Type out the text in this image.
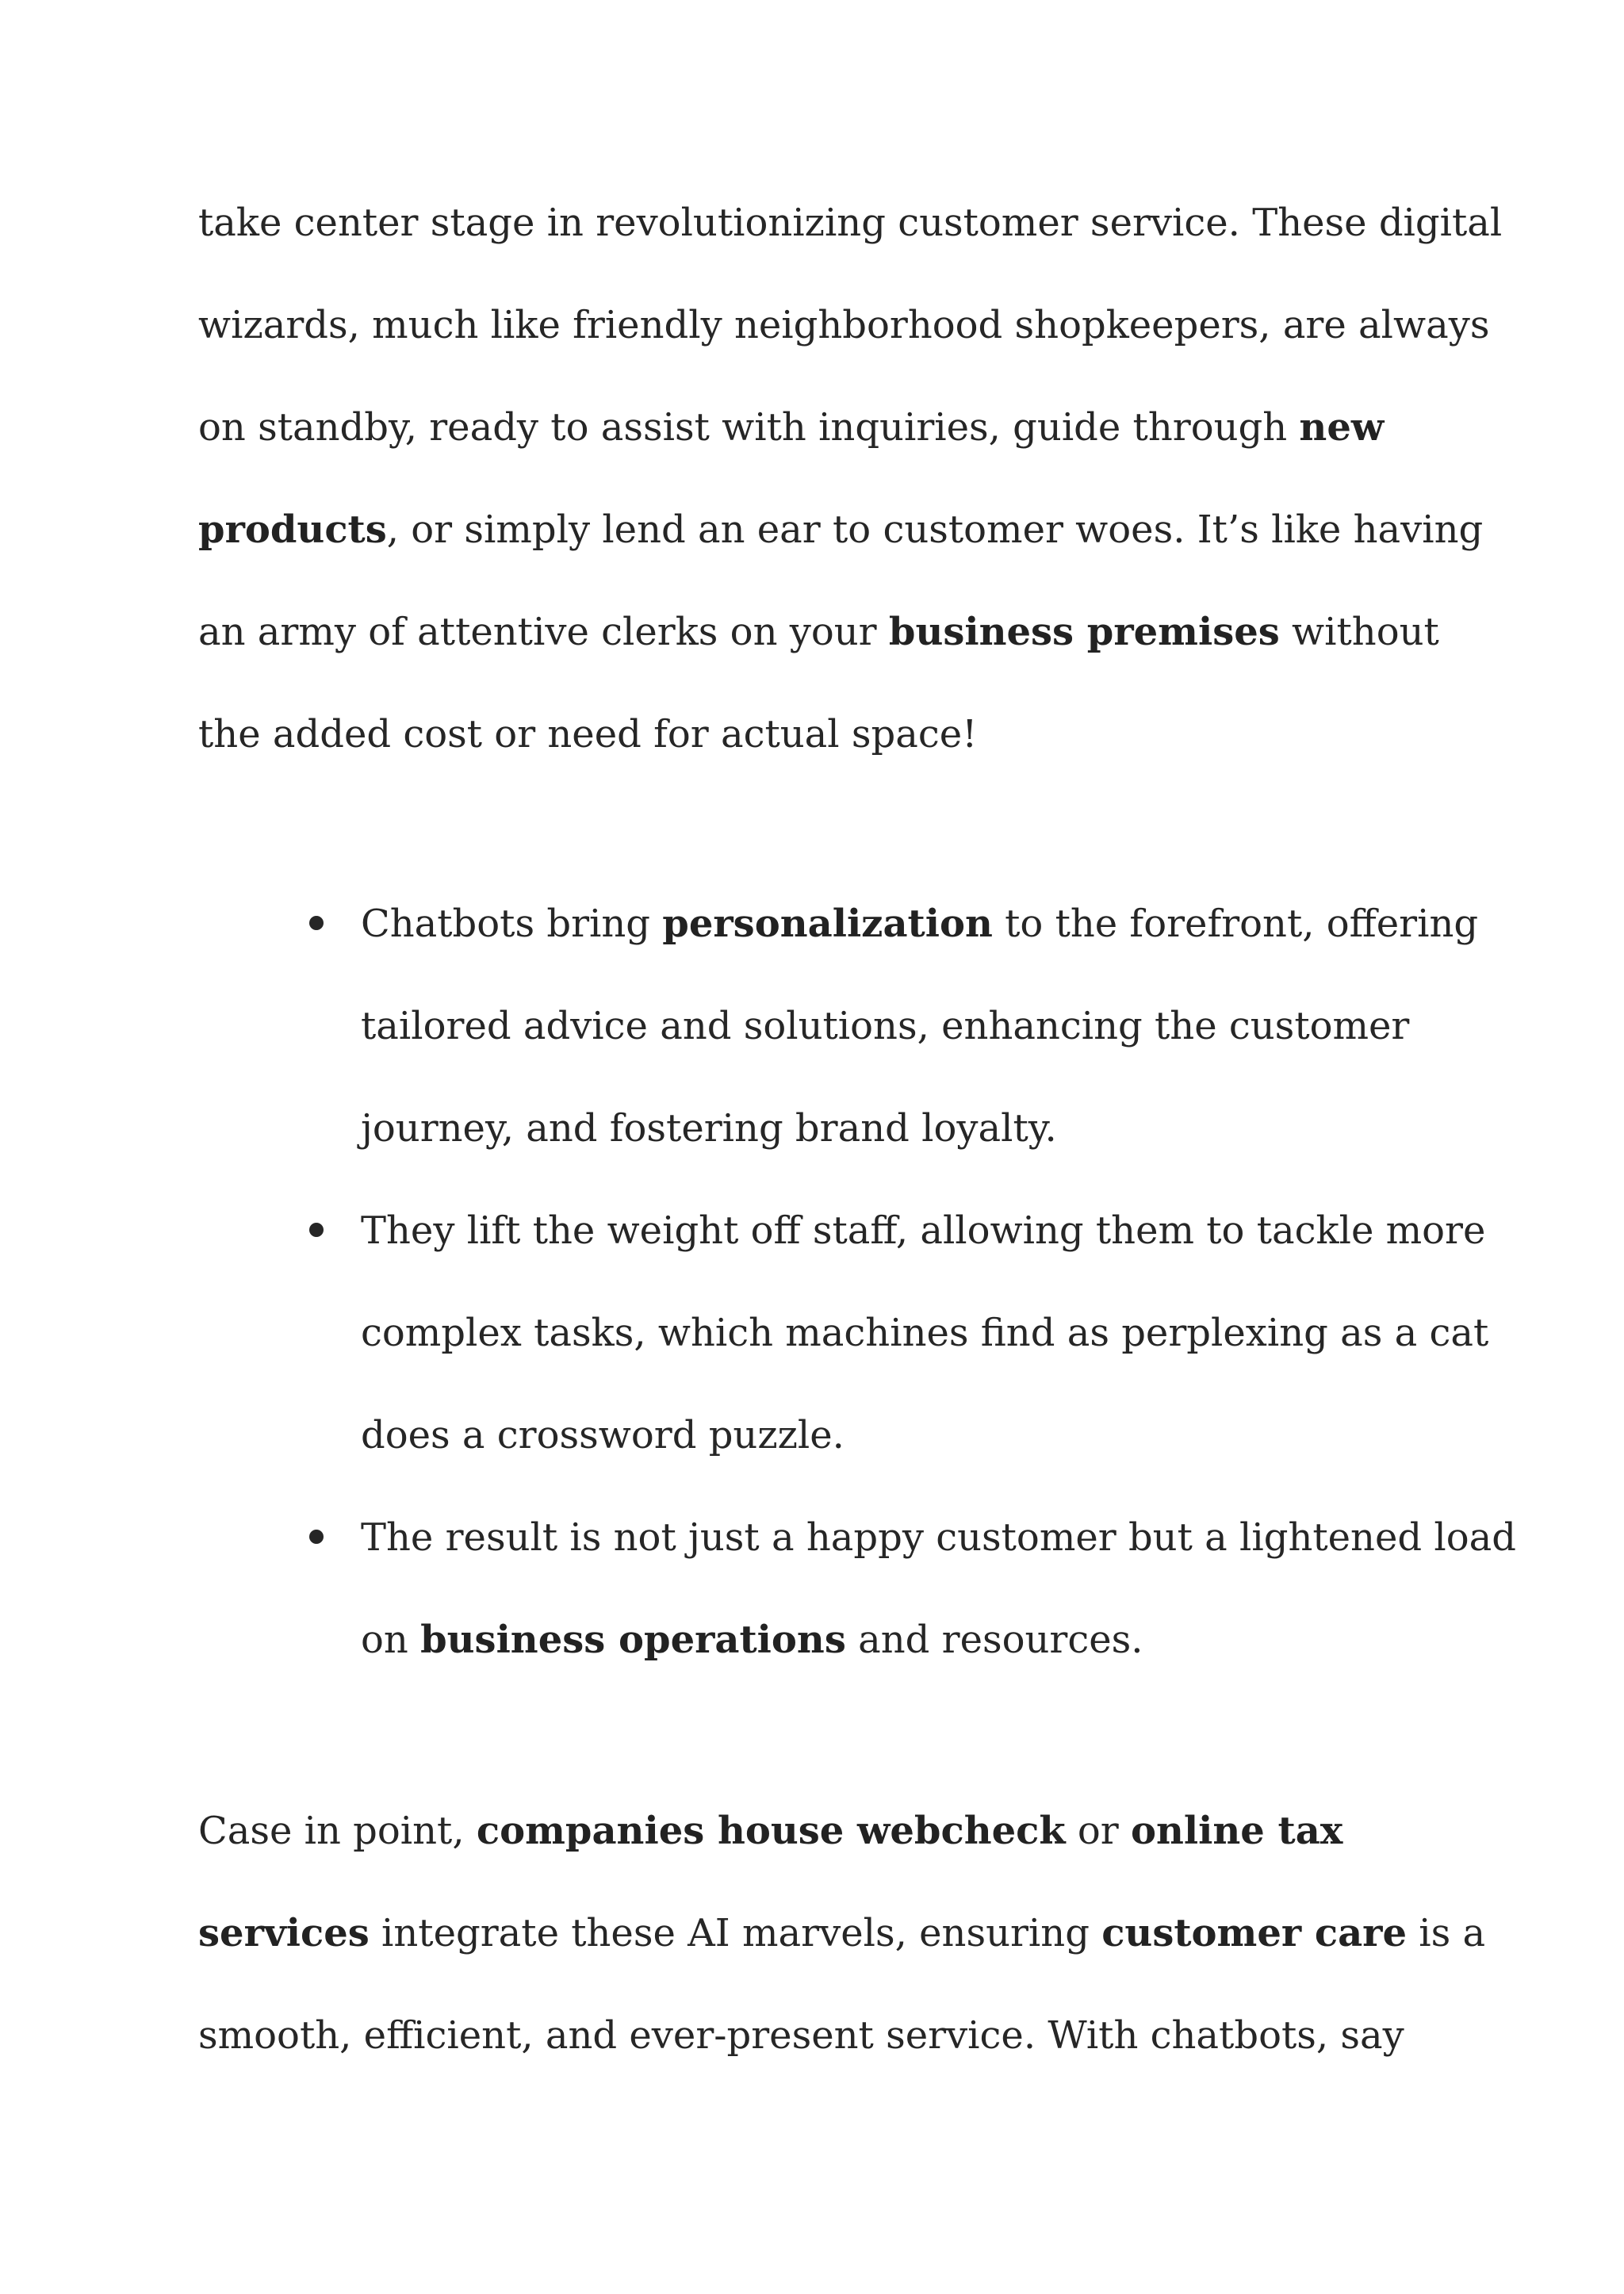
take center stage in revolutionizing customer service. These digital
wizards, much like friendly neighborhood shopkeepers, are always
on standby, ready to assist with inquiries, guide through new
products, or simply lend an ear to customer woes. It’s like having
an army of attentive clerks on your business premises without
the added cost or need for actual space!
Chatbots bring personalization to the forefront, offering
tailored advice and solutions, enhancing the customer
journey, and fostering brand loyalty.
They lift the weight off staff, allowing them to tackle more
complex tasks, which machines find as perplexing as a cat
does a crossword puzzle.
The result is not just a happy customer but a lightened load
on business operations and resources.
Case in point, companies house webcheck or online tax
services integrate these AI marvels, ensuring customer care is a
smooth, efficient, and ever-present service. With chatbots, say
